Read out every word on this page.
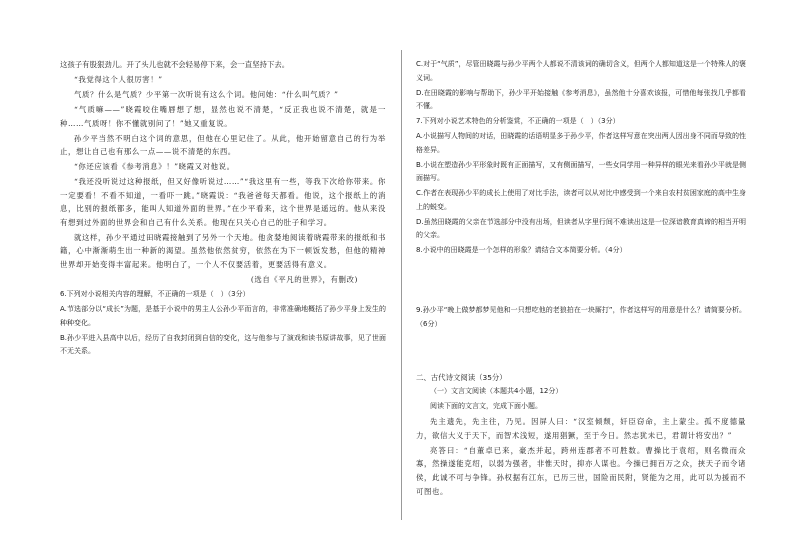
这孩子有股狠劲儿。开了头儿也就不会轻易停下来，会一直坚持下去。

“我觉得这个人很厉害！”

气质？什么是气质？少平第一次听说有这么个词。他问她：“什么叫气质？”

“气质嘛——”晓霞咬住嘴唇想了想，显然也说不清楚，“反正我也说不清楚，就是一种……气质呀！你不懂就别问了！”她又重复说。

孙少平当然不明白这个词的意思，但他在心里记住了。从此，他开始留意自己的行为举止，想让自己也有那么一点——说不清楚的东西。

“你还应该看《参考消息》！”晓霞又对他说。

“我还没听说过这种报纸，但又好像听说过……”“我这里有一些，等我下次给你带来。你一定要看！不看不知道，一看吓一跳。”晓霞说：“我爸爸每天都看。他说，这个报纸上的消息，比别的报纸都多，能叫人知道外面的世界。”在少平看来，这个世界是遥远的。他从来没有想到过外面的世界会和自己有什么关系。他现在只关心自己的肚子和学习。

就这样，孙少平通过田晓霞接触到了另外一个天地。他贪婪地阅读着晓霞带来的报纸和书籍，心中渐渐萌生出一种新的渴望。虽然他依然贫穷，依然在为下一顿饭发愁，但他的精神世界却开始变得丰富起来。他明白了，一个人不仅要活着，更要活得有意义。

(选自《平凡的世界》，有删改)

6.下列对小说相关内容的理解，不正确的一项是（　）（3分）

A.节选部分以“成长”为题，是基于小说中的男主人公孙少平而言的，非常准确地概括了孙少平身上发生的种种变化。

B.孙少平进入县高中以后，经历了自我封闭到自信的变化，这与他参与了演戏和读书原讲故事，见了世面不无关系。

C.对于“气质”，尽管田晓霞与孙少平两个人都说不清该词的确切含义，但两个人都知道这是一个特殊人的褒义词。

D.在田晓霞的影响与帮助下，孙少平开始接触《参考消息》，虽然他十分喜欢该报，可惜他每张找几乎都看不懂。

7.下列对小说艺术特色的分析鉴赏，不正确的一项是（　）（3分）

A.小说描写人物间的对话，田晓霞的话语明显多于孙少平，作者这样写意在突出两人因出身不同而导致的性格差异。

B.小说在塑造孙少平形象时既有正面描写，又有侧面描写，一些女同学用一种异样的眼光来看孙少平就是侧面描写。

C.作者在表现孙少平的成长上使用了对比手法，读者可以从对比中感受到一个来自农村贫困家庭的高中生身上的蜕变。

D.虽然田晓霞的父亲在节选部分中没有出场，但读者从字里行间不难读出这是一位深谙教育真谛的相当开明的父亲。

8.小说中的田晓霞是一个怎样的形象？请结合文本简要分析。（4分）

9.孙少平“晚上做梦都梦见他和一只想吃他的老狼拍在一块厮打”，作者这样写的用意是什么？请简要分析。（6分）

二、古代诗文阅读（35分）

（一）文言文阅读（本题共4小题，12分）

阅读下面的文言文，完成下面小题。

先主遗先，先主往，乃见。因屏人曰：“汉室倾颓，奸臣窃命，主上蒙尘。孤不度德量力，欲信大义于天下，而智术浅短，遂用猖獗，至于今日。然志犹未已，君谓计将安出？”

亮答曰：“自董卓已来，豪杰并起，跨州连郡者不可胜数。曹操比于袁绍，则名微而众寡，然操遂能克绍，以弱为强者，非惟天时，抑亦人谋也。今操已拥百万之众，挟天子而令诸侯，此诚不可与争锋。孙权据有江东，已历三世，国险而民附，贤能为之用，此可以为援而不可图也。
